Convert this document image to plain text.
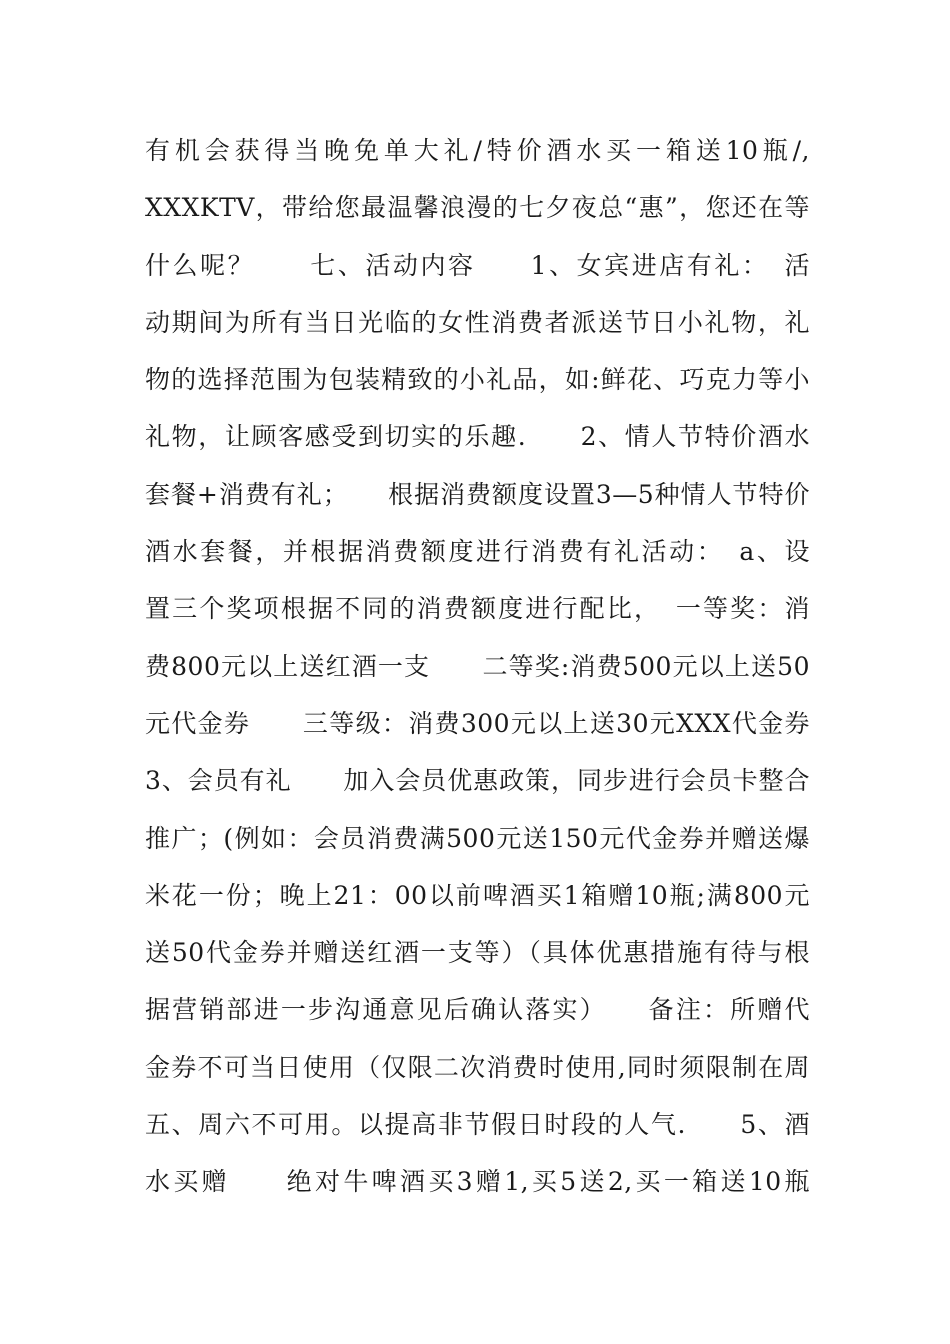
有机会获得当晚免单大礼/特价酒水买一箱送10瓶/,
XXXKTV，带给您最温馨浪漫的七夕夜总“惠”，您还在等
什么呢？　　七、活动内容　　1、女宾进店有礼：　活
动期间为所有当日光临的女性消费者派送节日小礼物，礼
物的选择范围为包装精致的小礼品，如:鲜花、巧克力等小
礼物，让顾客感受到切实的乐趣.　　2、情人节特价酒水
套餐+消费有礼；　　根据消费额度设置3—5种情人节特价
酒水套餐，并根据消费额度进行消费有礼活动：　a、设
置三个奖项根据不同的消费额度进行配比，　一等奖：消
费800元以上送红酒一支　　二等奖:消费500元以上送50
元代金券　　三等级：消费300元以上送30元XXX代金券
3、会员有礼　　加入会员优惠政策，同步进行会员卡整合
推广；(例如：会员消费满500元送150元代金券并赠送爆
米花一份；晚上21：00以前啤酒买1箱赠10瓶;满800元
送50代金券并赠送红酒一支等）（具体优惠措施有待与根
据营销部进一步沟通意见后确认落实）　　备注：所赠代
金券不可当日使用（仅限二次消费时使用,同时须限制在周
五、周六不可用。以提高非节假日时段的人气.　　5、酒
水买赠　　绝对牛啤酒买3赠1,买5送2,买一箱送10瓶
